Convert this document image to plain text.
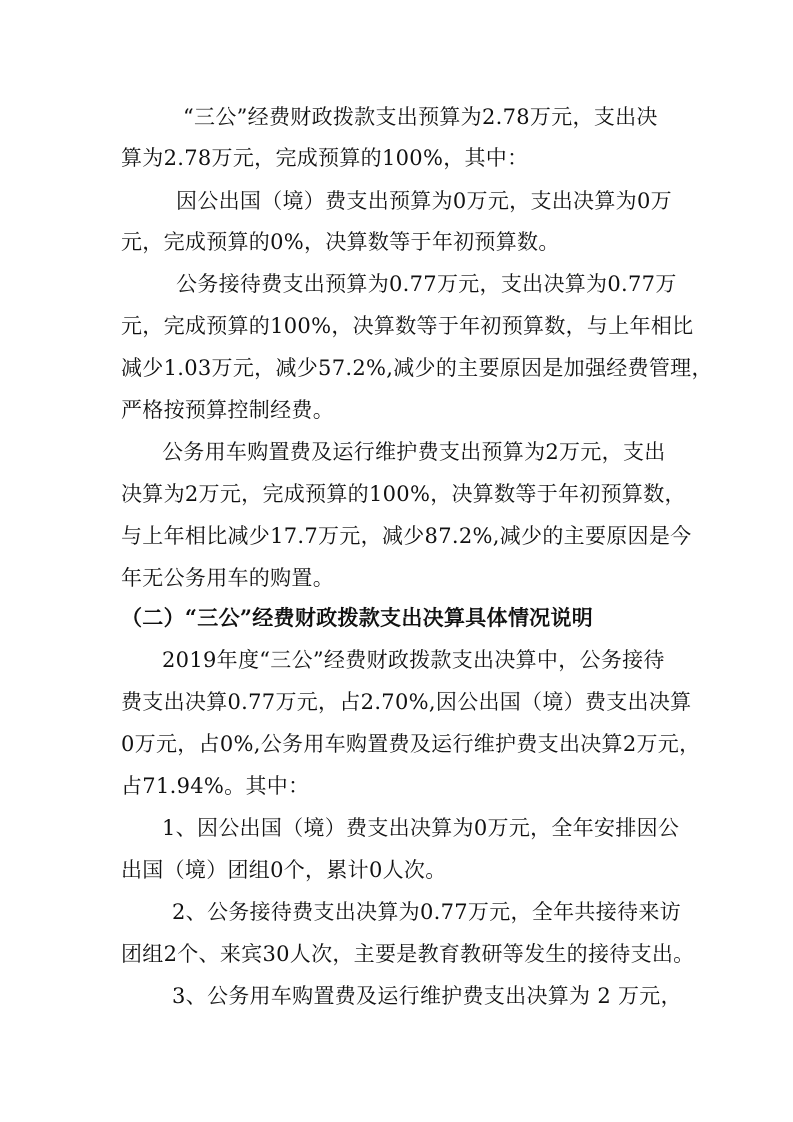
“三公”经费财政拨款支出预算为2.78万元，支出决
算为2.78万元，完成预算的100%，其中：
因公出国（境）费支出预算为0万元，支出决算为0万
元，完成预算的0%，决算数等于年初预算数。
公务接待费支出预算为0.77万元，支出决算为0.77万
元，完成预算的100%，决算数等于年初预算数，与上年相比
减少1.03万元，减少57.2%,减少的主要原因是加强经费管理，
严格按预算控制经费。
公务用车购置费及运行维护费支出预算为2万元，支出
决算为2万元，完成预算的100%，决算数等于年初预算数，
与上年相比减少17.7万元，减少87.2%,减少的主要原因是今
年无公务用车的购置。
（二）“三公”经费财政拨款支出决算具体情况说明
2019年度“三公”经费财政拨款支出决算中，公务接待
费支出决算0.77万元，占2.70%,因公出国（境）费支出决算
0万元，占0%,公务用车购置费及运行维护费支出决算2万元，
占71.94%。其中：
1、因公出国（境）费支出决算为0万元，全年安排因公
出国（境）团组0个，累计0人次。
2、公务接待费支出决算为0.77万元，全年共接待来访
团组2个、来宾30人次，主要是教育教研等发生的接待支出。
3、公务用车购置费及运行维护费支出决算为 2 万元，
